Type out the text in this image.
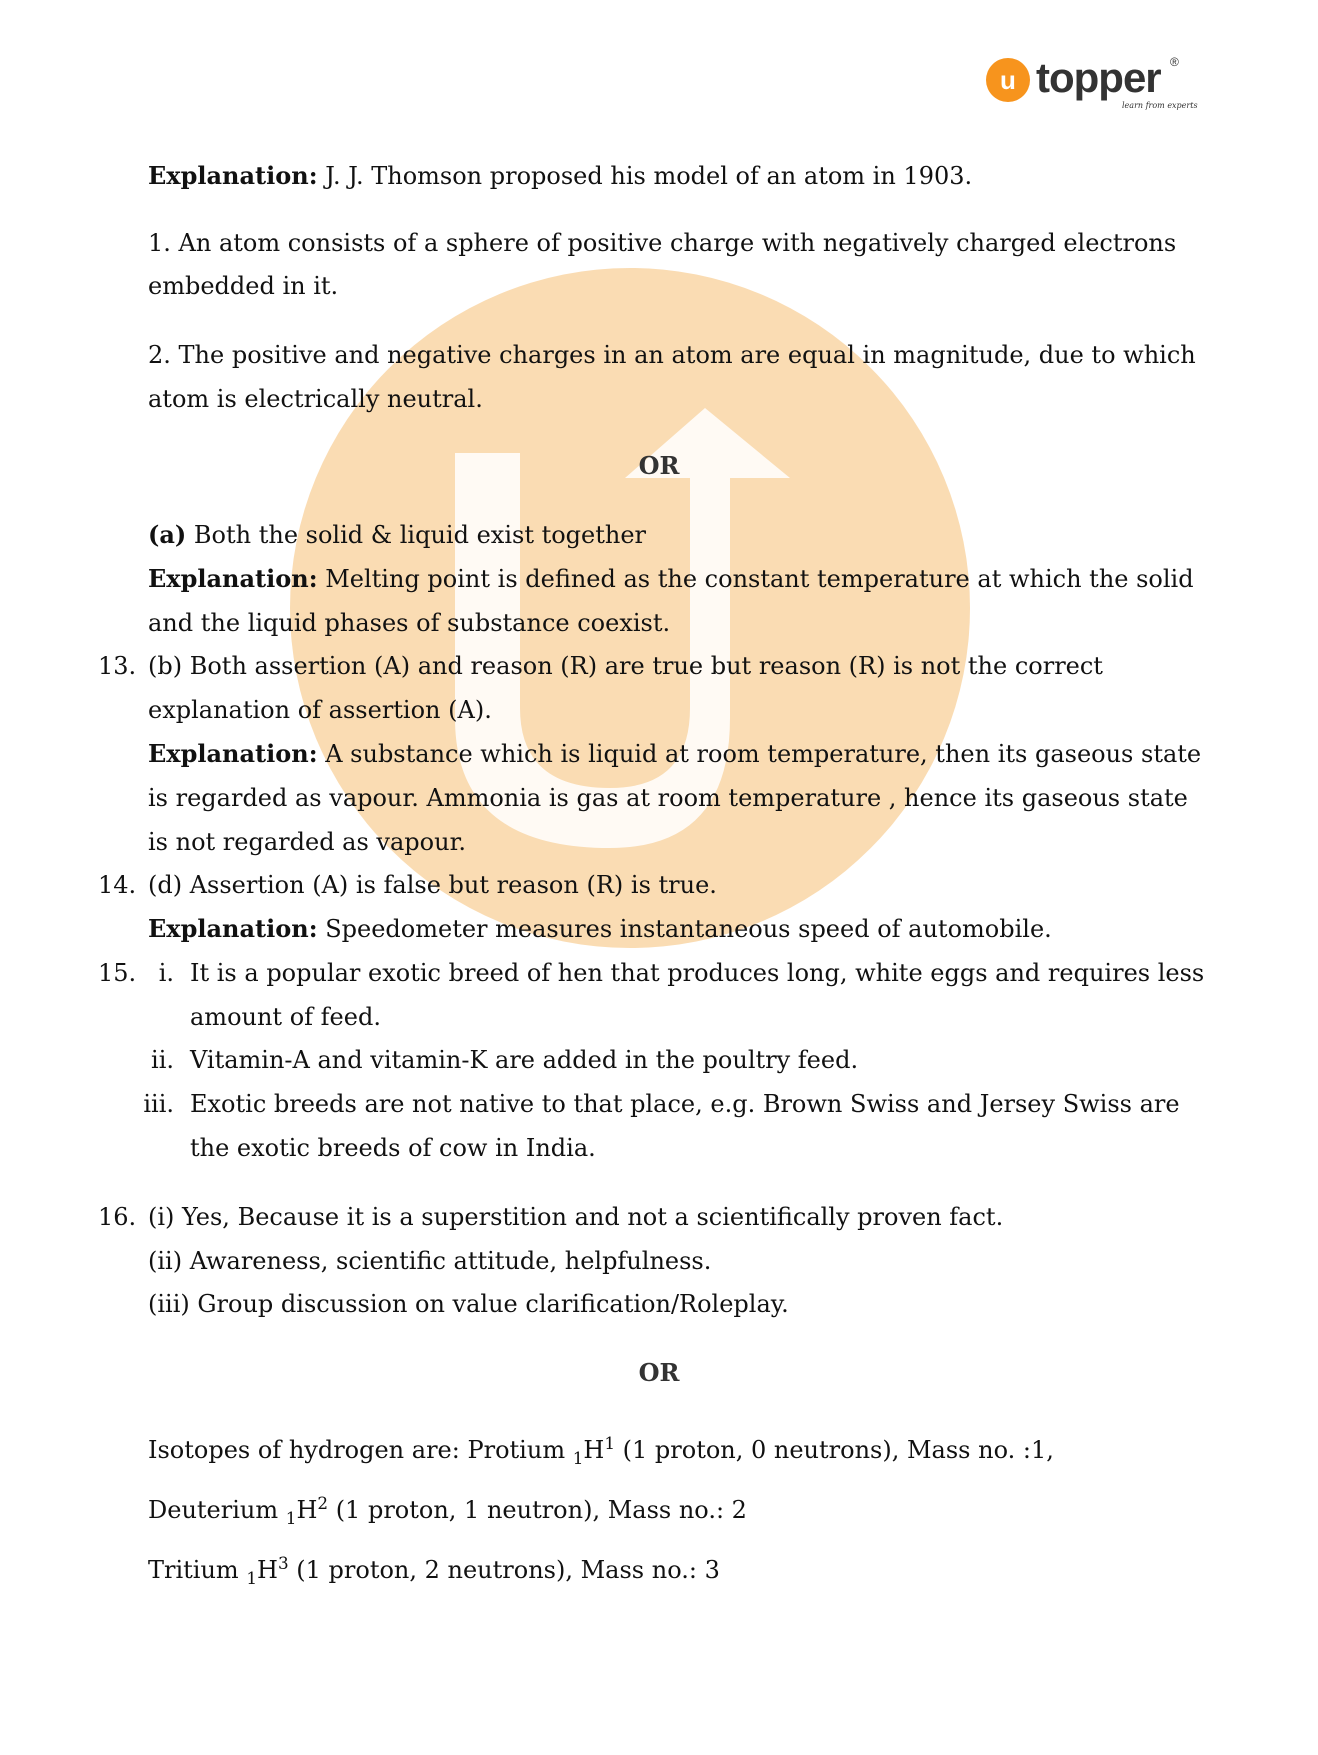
u topper ®
learn from experts
Explanation: J. J. Thomson proposed his model of an atom in 1903.
1. An atom consists of a sphere of positive charge with negatively charged electrons
embedded in it.
2. The positive and negative charges in an atom are equal in magnitude, due to which
atom is electrically neutral.
OR
(a) Both the solid & liquid exist together
Explanation: Melting point is defined as the constant temperature at which the solid
and the liquid phases of substance coexist.
13. (b) Both assertion (A) and reason (R) are true but reason (R) is not the correct
explanation of assertion (A).
Explanation: A substance which is liquid at room temperature, then its gaseous state
is regarded as vapour. Ammonia is gas at room temperature , hence its gaseous state
is not regarded as vapour.
14. (d) Assertion (A) is false but reason (R) is true.
Explanation: Speedometer measures instantaneous speed of automobile.
15. i. It is a popular exotic breed of hen that produces long, white eggs and requires less
amount of feed.
ii. Vitamin-A and vitamin-K are added in the poultry feed.
iii. Exotic breeds are not native to that place, e.g. Brown Swiss and Jersey Swiss are
the exotic breeds of cow in India.
16. (i) Yes, Because it is a superstition and not a scientifically proven fact.
(ii) Awareness, scientific attitude, helpfulness.
(iii) Group discussion on value clarification/Roleplay.
OR
Isotopes of hydrogen are: Protium $_1H^1$ (1 proton, 0 neutrons), Mass no. :1,
Deuterium $_1H^2$ (1 proton, 1 neutron), Mass no.: 2
Tritium $_1H^3$ (1 proton, 2 neutrons), Mass no.: 3
